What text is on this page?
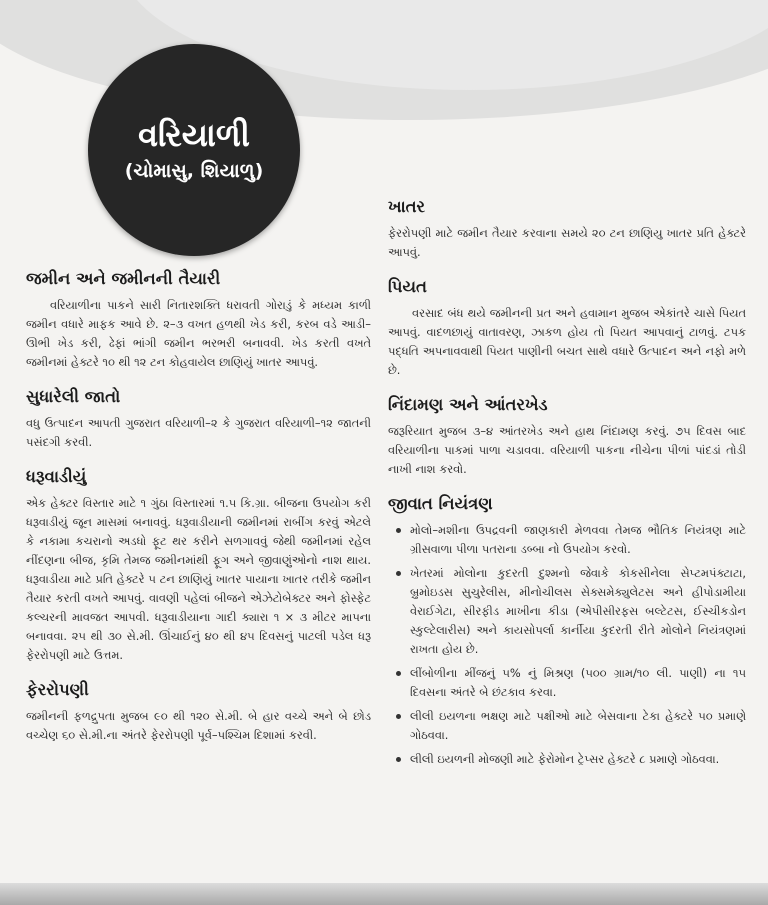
વરિયાળી
(ચોમાસુ, શિયાળુ)
જમીન અને જમીનની તૈયારી

વરિયાળીના પાકને સારી નિતારશક્તિ ધરાવતી ગોરાડું કે મધ્યમ કાળી જમીન વધારે માફક આવે છે. ૨–૩ વખત હળથી ખેડ કરી, કરબ વડે આડી–ઊભી ખેડ કરી, ઢેફાં ભાંગી જમીન ભરભરી બનાવવી. ખેડ કરતી વખતે જમીનમાં હેક્ટરે ૧૦ થી ૧૨ ટન કોહવાયેલ છાણિયું ખાતર આપવું.

સુધારેલી જાતો

વધુ ઉત્પાદન આપતી ગુજરાત વરિયાળી–૨ કે ગુજરાત વરિયાળી–૧૨ જાતની પસંદગી કરવી.

ધરૂવાડીયું

એક હેક્ટર વિસ્તાર માટે ૧ ગુંઠા વિસ્તારમાં ૧.૫ કિ.ગ્રા. બીજના ઉપયોગ કરી ધરૂવાડીયું જૂન માસમાં બનાવવું. ધરૂવાડીયાની જમીનમાં રાબીંગ કરવું એટલે કે નકામા કચરાનો અડધો ફૂટ થર કરીને સળગાવવું જેથી જમીનમાં રહેલ નીંદણના બીજ, કૃમિ તેમજ જમીનમાંથી ફૂગ અને જીવાણુંઓનો નાશ થાય. ધરૂવાડીયા માટે પ્રતિ હેક્ટરે ૫ ટન છાણિયું ખાતર પાયાના ખાતર તરીકે જમીન તૈયાર કરતી વખતે આપવું. વાવણી પહેલાં બીજને એઝેટોબેક્ટર અને ફોસ્ફેટ કલ્ચરની માવજત આપવી. ધરૂવાડીયાના ગાદી ક્યારા ૧ × ૩ મીટર માપના બનાવવા. ૨૫ થી ૩૦ સે.મી. ઊંચાઈનું ૪૦ થી ૪૫ દિવસનું પાટલી પડેલ ધરૂ ફેરરોપણી માટે ઉત્તમ.

ફેરરોપણી

જમીનની ફળદ્રુપતા મુજબ ૯૦ થી ૧૨૦ સે.મી. બે હાર વચ્ચે અને બે છોડ વચ્ચેણ ૬૦ સે.મી.ના અંતરે ફેરરોપણી પૂર્વ–પશ્ચિમ દિશામાં કરવી.

ખાતર

ફેરરોપણી માટે જમીન તૈયાર કરવાના સમયે ૨૦ ટન છાણિયુ ખાતર પ્રતિ હેક્ટરે આપવું.

પિયત

વરસાદ બંધ થયે જમીનની પ્રત અને હવામાન મુજબ એકાંતરે ચાસે પિયત આપવું. વાદળછાયું વાતાવરણ, ઝાકળ હોય તો પિયત આપવાનું ટાળવું. ટપક પદ્ધતિ અપનાવવાથી પિયત પાણીની બચત સાથે વધારે ઉત્પાદન અને નફો મળે છે.

નિંદામણ અને આંતરખેડ

જરૂરિયાત મુજબ ૩–૪ આંતરખેડ અને હાથ નિંદામણ કરવું. ૭૫ દિવસ બાદ વરિયાળીના પાકમાં પાળા ચડાવવા. વરિયાળી પાકના નીચેના પીળાં પાંદડાં તોડી નાખી નાશ કરવો.

જીવાત નિયંત્રણ
મોલો–મશીના ઉપદ્રવની જાણકારી મેળવવા તેમજ ભૌતિક નિયંત્રણ માટે ગ્રીસવાળા પીળા પતરાના ડબ્બા નો ઉપયોગ કરવો.
ખેતરમાં મોલોના કુદરતી દુશ્મનો જેવાકે કોકસીનેલા સેપ્ટમપંક્ટાટા, બ્રુમોઇડસ સુચુરેલીસ, મીનોચીલસ સેક્સમેક્યુલેટસ અને હીપોડામીયા વેરાઈગેટા, સીરફીડ માખીના કીડા (એપીસીરફસ બલ્ટેટસ, ઈસ્ચીકડોન સ્કુલ્ટેલારીસ) અને કાયસોપર્લા કાર્નીયા કુદરતી રીતે મોલોને નિયંત્રણમાં રાખતા હોય છે.
લીંબોળીના મીંજનું ૫% નું મિશ્રણ (૫૦૦ ગ્રામ/૧૦ લી. પાણી) ના ૧૫ દિવસના અંતરે બે છંટકાવ કરવા.
લીલી ઇયળના ભક્ષણ માટે પક્ષીઓ માટે બેસવાના ટેકા હેક્ટરે ૫૦ પ્રમાણે ગોઠવવા.
લીલી ઇયળની મોજણી માટે ફેરોમોન ટ્રેપ્સર હેક્ટરે ૮ પ્રમાણે ગોઠવવા.
